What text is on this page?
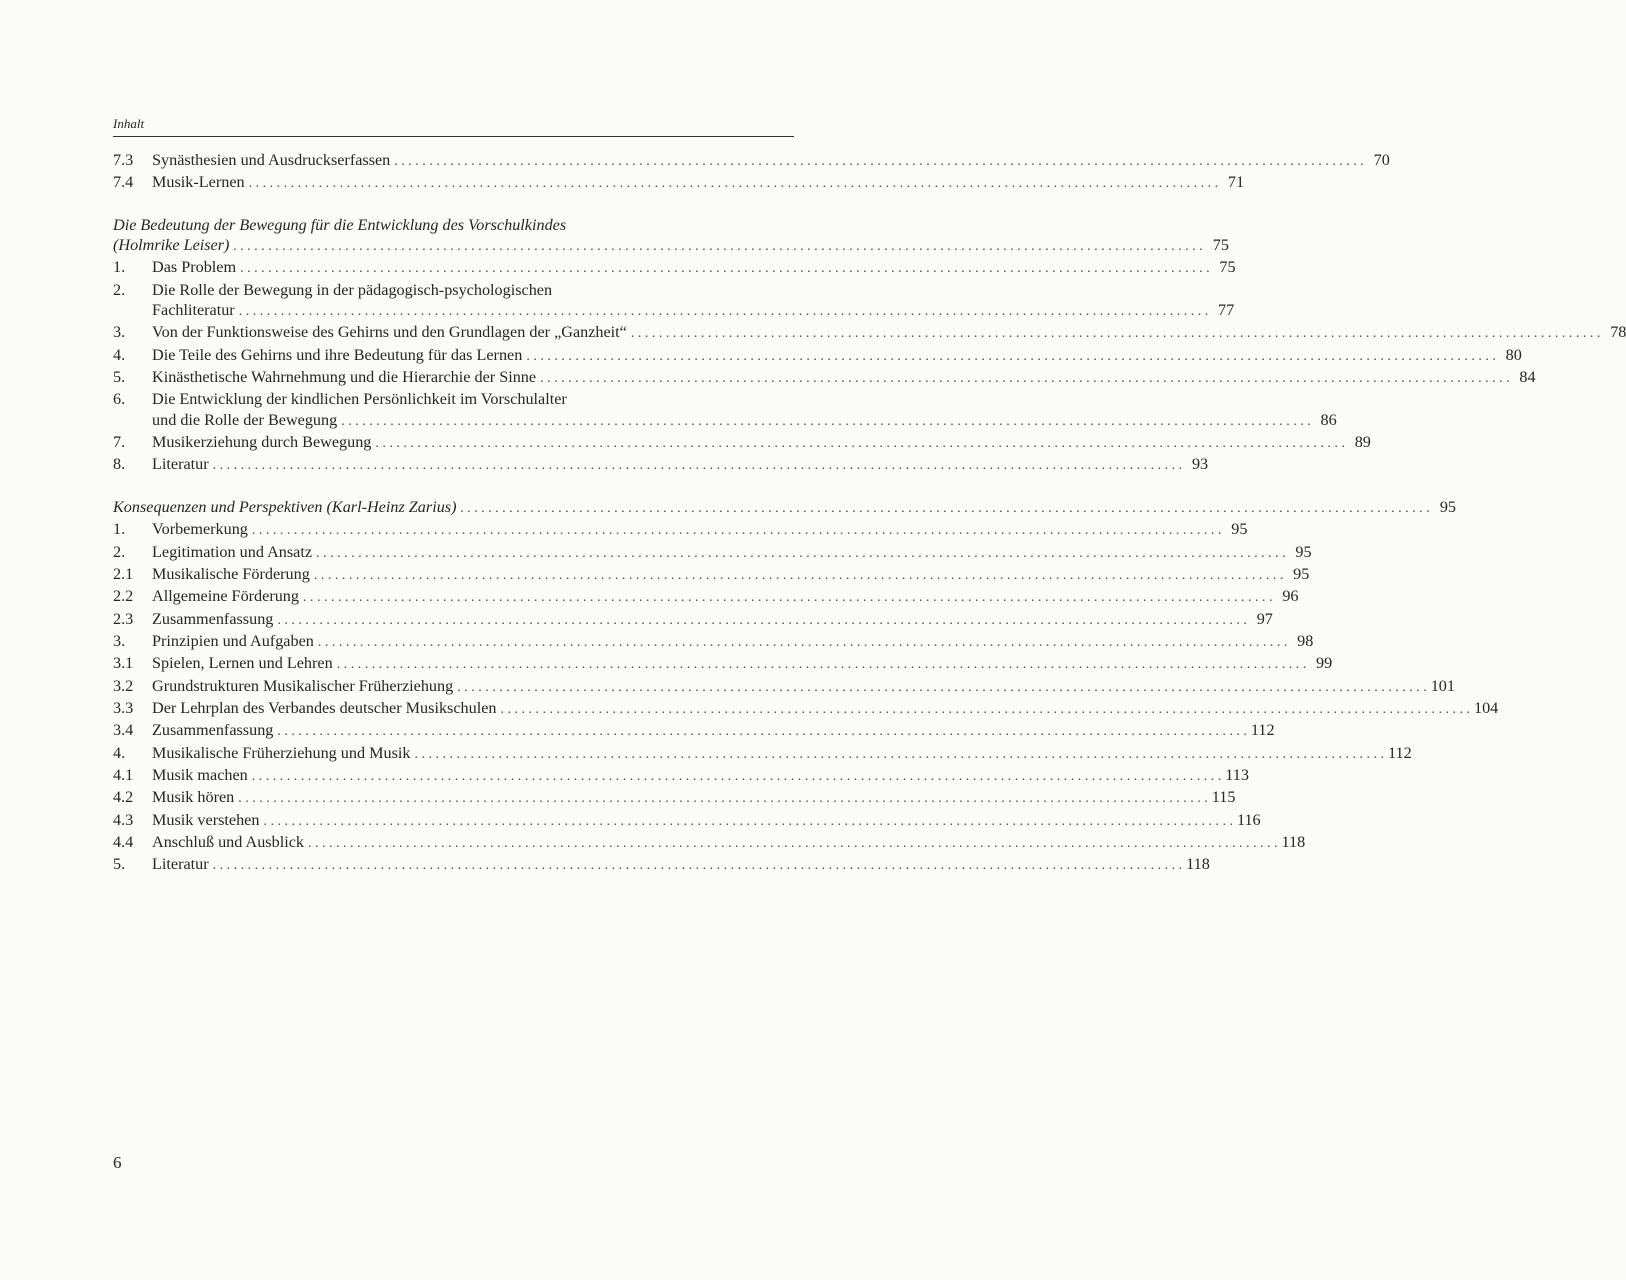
Inhalt
7.3	Synästhesien und Ausdruckserfassen . . .	70
7.4	Musik-Lernen . . .	71
Die Bedeutung der Bewegung für die Entwicklung des Vorschulkindes
(Holmrike Leiser) . . .	75
1.	Das Problem . . .	75
2.	Die Rolle der Bewegung in der pädagogisch-psychologischen
Fachliteratur . . .	77
3.	Von der Funktionsweise des Gehirns und den Grundlagen der „Ganzheit“ . . .	78
4.	Die Teile des Gehirns und ihre Bedeutung für das Lernen . . .	80
5.	Kinästhetische Wahrnehmung und die Hierarchie der Sinne . . .	84
6.	Die Entwicklung der kindlichen Persönlichkeit im Vorschulalter
und die Rolle der Bewegung . . .	86
7.	Musikerziehung durch Bewegung . . .	89
8.	Literatur . . .	93
Konsequenzen und Perspektiven (Karl-Heinz Zarius) . . .	95
1.	Vorbemerkung . . .	95
2.	Legitimation und Ansatz . . .	95
2.1	Musikalische Förderung . . .	95
2.2	Allgemeine Förderung . . .	96
2.3	Zusammenfassung . . .	97
3.	Prinzipien und Aufgaben . . .	98
3.1	Spielen, Lernen und Lehren . . .	99
3.2	Grundstrukturen Musikalischer Früherziehung . . .	101
3.3	Der Lehrplan des Verbandes deutscher Musikschulen . . .	104
3.4	Zusammenfassung . . .	112
4.	Musikalische Früherziehung und Musik . . .	112
4.1	Musik machen . . .	113
4.2	Musik hören . . .	115
4.3	Musik verstehen . . .	116
4.4	Anschluß und Ausblick . . .	118
5.	Literatur . . .	118
6
